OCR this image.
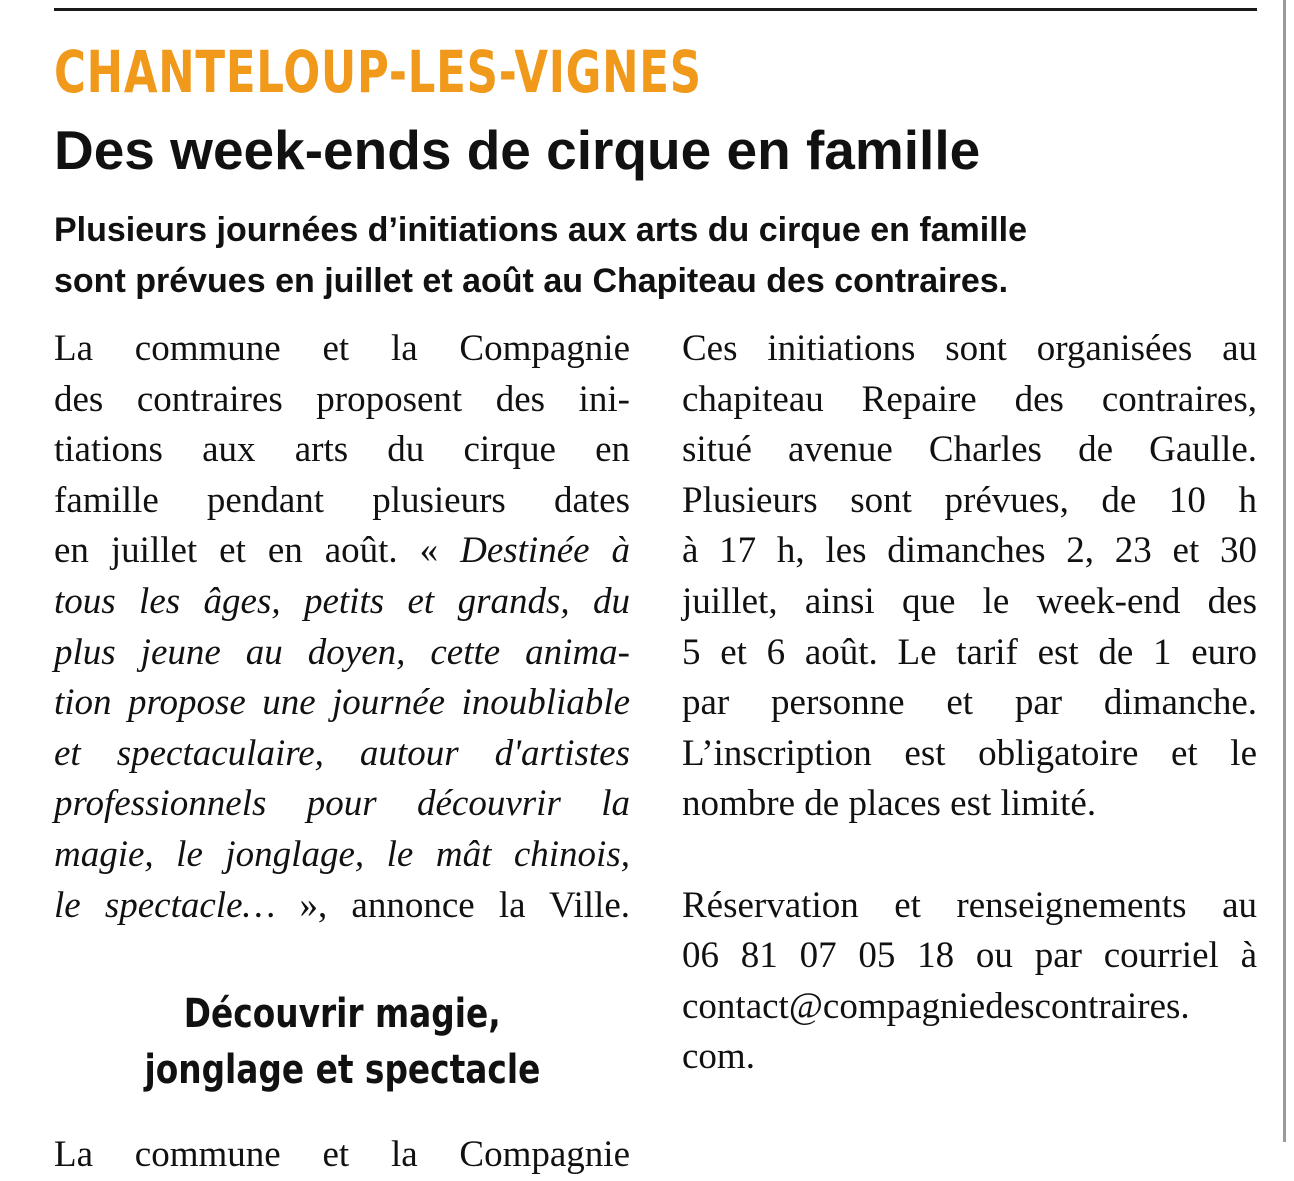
CHANTELOUP-LES-VIGNES
Des week-ends de cirque en famille
Plusieurs journées d’initiations aux arts du cirque en famille
sont prévues en juillet et août au Chapiteau des contraires.
La commune et la Compagnie
des contraires proposent des ini-
tiations aux arts du cirque en
famille pendant plusieurs dates
en juillet et en août. « Destinée à
tous les âges, petits et grands, du
plus jeune au doyen, cette anima-
tion propose une journée inoubliable
et spectaculaire, autour d'artistes
professionnels pour découvrir la
magie, le jonglage, le mât chinois,
le spectacle… », annonce la Ville.
Découvrir magie,
jonglage et spectacle
La commune et la Compagnie
Ces initiations sont organisées au
chapiteau Repaire des contraires,
situé avenue Charles de Gaulle.
Plusieurs sont prévues, de 10 h
à 17 h, les dimanches 2, 23 et 30
juillet, ainsi que le week-end des
5 et 6 août. Le tarif est de 1 euro
par personne et par dimanche.
L’inscription est obligatoire et le
nombre de places est limité.
Réservation et renseignements au
06 81 07 05 18 ou par courriel à
contact@compagniedescontraires.
com.
